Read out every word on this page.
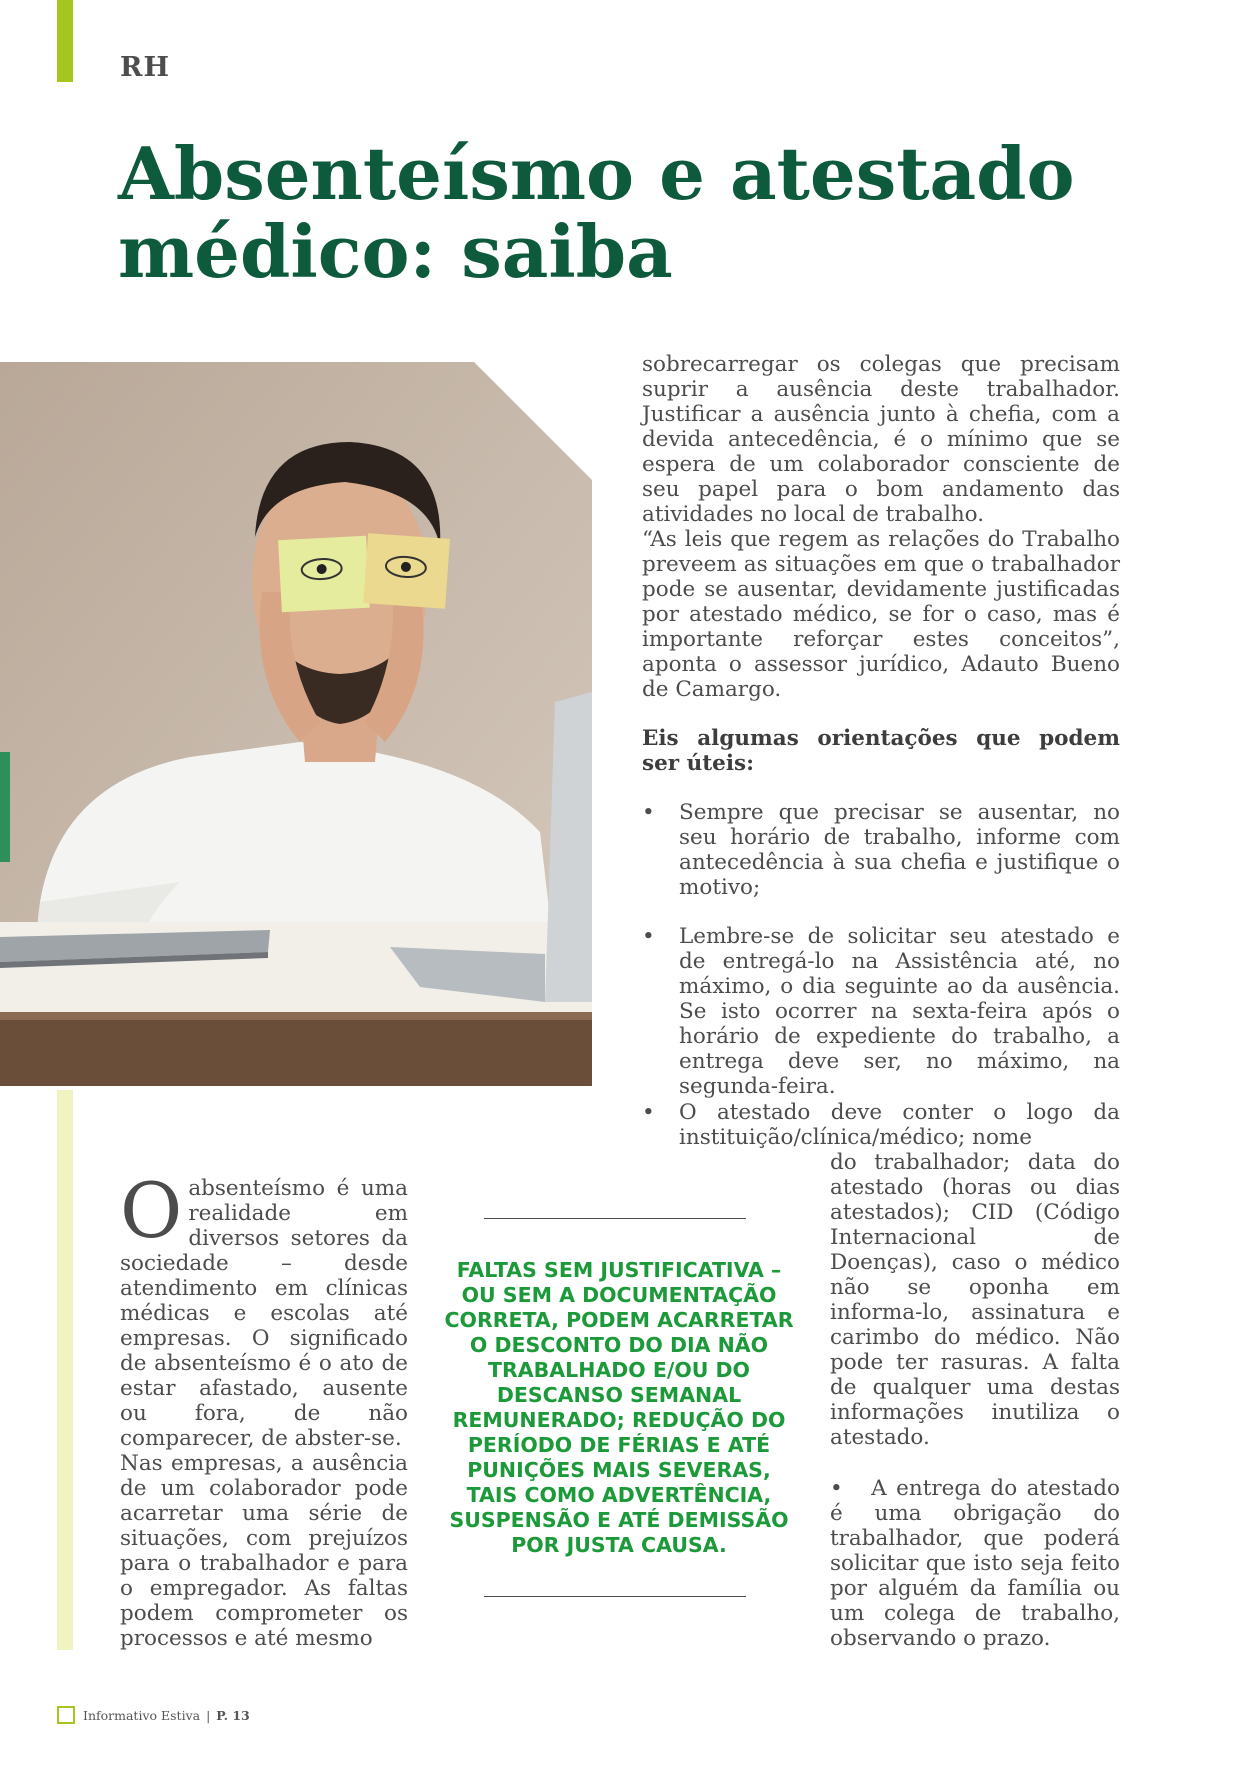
RH
Absenteísmo e atestado
médico: saiba

sobrecarregar os colegas que precisam suprir a ausência deste trabalhador. Justificar a ausência junto à chefia, com a devida antecedência, é o mínimo que se espera de um colaborador consciente de seu papel para o bom andamento das atividades no local de trabalho.

“As leis que regem as relações do Trabalho preveem as situações em que o trabalhador pode se ausentar, devidamente justificadas por atestado médico, se for o caso, mas é importante reforçar estes conceitos”, aponta o assessor jurídico, Adauto Bueno de Camargo.

Eis algumas orientações que podem ser úteis:

• Sempre que precisar se ausentar, no seu horário de trabalho, informe com antecedência à sua chefia e justifique o motivo;
• Lembre-se de solicitar seu atestado e de entregá-lo na Assistência até, no máximo, o dia seguinte ao da ausência. Se isto ocorrer na sexta-feira após o horário de expediente do trabalho, a entrega deve ser, no máximo, na segunda-feira.
•	O atestado deve conter o logo da instituição/clínica/médico; nome

do trabalhador; data do atestado (horas ou dias atestados); CID (Código Internacional de Doenças), caso o médico não se oponha em informa-lo, assinatura e carimbo do médico. Não pode ter rasuras. A falta de qualquer uma destas informações inutiliza o atestado.

•   A entrega do atestado é uma obrigação do trabalhador, que poderá solicitar que isto seja feito por alguém da família ou um colega de trabalho, observando o prazo.

Oabsenteísmo é uma realidade em diversos setores da sociedade – desde atendimento em clínicas médicas e escolas até empresas. O significado de absenteísmo é o ato de estar afastado, ausente ou fora, de não comparecer, de abster-se.

Nas empresas, a ausência de um colaborador pode acarretar uma série de situações, com prejuízos para o trabalhador e para o empregador. As faltas podem comprometer os processos e até mesmo

FALTAS SEM JUSTIFICATIVA – OU SEM A DOCUMENTAÇÃO CORRETA, PODEM ACARRETAR O DESCONTO DO DIA NÃO TRABALHADO E/OU DO DESCANSO SEMANAL REMUNERADO; REDUÇÃO DO PERÍODO DE FÉRIAS E ATÉ PUNIÇÕES MAIS SEVERAS, TAIS COMO ADVERTÊNCIA, SUSPENSÃO E ATÉ DEMISSÃO POR JUSTA CAUSA.

Informativo Estiva | P. 13
